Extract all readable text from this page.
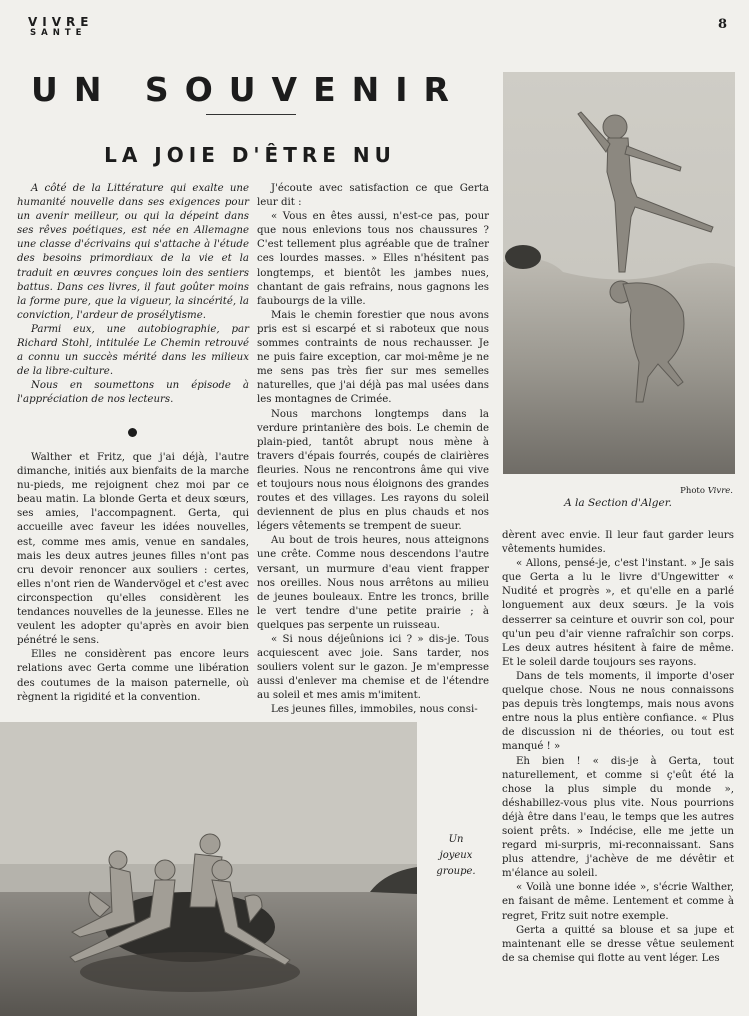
VIVRE
SANTE
8
UN SOUVENIR
LA JOIE D'ÊTRE NU

A côté de la Littérature qui exalte une humanité nouvelle dans ses exigences pour un avenir meilleur, ou qui la dépeint dans ses rêves poétiques, est née en Allemagne une classe d'écrivains qui s'attache à l'étude des besoins primordiaux de la vie et la traduit en œuvres conçues loin des sentiers battus. Dans ces livres, il faut goûter moins la forme pure, que la vigueur, la sincérité, la conviction, l'ardeur de prosélytisme.

Parmi eux, une autobiographie, par Richard Stohl, intitulée Le Chemin retrouvé a connu un succès mérité dans les milieux de la libre-culture.

Nous en soumettons un épisode à l'appréciation de nos lecteurs.

Walther et Fritz, que j'ai déjà, l'autre dimanche, initiés aux bienfaits de la marche nu-pieds, me rejoignent chez moi par ce beau matin. La blonde Gerta et deux sœurs, ses amies, l'accompagnent. Gerta, qui accueille avec faveur les idées nouvelles, est, comme mes amis, venue en sandales, mais les deux autres jeunes filles n'ont pas cru devoir renoncer aux souliers : certes, elles n'ont rien de Wandervögel et c'est avec circonspection qu'elles considèrent les tendances nouvelles de la jeunesse. Elles ne veulent les adopter qu'après en avoir bien pénétré le sens.

Elles ne considèrent pas encore leurs relations avec Gerta comme une libération des coutumes de la maison paternelle, où règnent la rigidité et la convention.

J'écoute avec satisfaction ce que Gerta leur dit :

« Vous en êtes aussi, n'est-ce pas, pour que nous enlevions tous nos chaussures ? C'est tellement plus agréable que de traîner ces lourdes masses. » Elles n'hésitent pas longtemps, et bientôt les jambes nues, chantant de gais refrains, nous gagnons les faubourgs de la ville.

Mais le chemin forestier que nous avons pris est si escarpé et si raboteux que nous sommes contraints de nous rechausser. Je ne puis faire exception, car moi-même je ne me sens pas très fier sur mes semelles naturelles, que j'ai déjà pas mal usées dans les montagnes de Crimée.

Nous marchons longtemps dans la verdure printanière des bois. Le chemin de plain-pied, tantôt abrupt nous mène à travers d'épais fourrés, coupés de clairières fleuries. Nous ne rencontrons âme qui vive et toujours nous nous éloignons des grandes routes et des villages. Les rayons du soleil deviennent de plus en plus chauds et nos légers vêtements se trempent de sueur.

Au bout de trois heures, nous atteignons une crête. Comme nous descendons l'autre versant, un murmure d'eau vient frapper nos oreilles. Nous nous arrêtons au milieu de jeunes bouleaux. Entre les troncs, brille le vert tendre d'une petite prairie ; à quelques pas serpente un ruisseau.

« Si nous déjeûnions ici ? » dis-je. Tous acquiescent avec joie. Sans tarder, nos souliers volent sur le gazon. Je m'empresse aussi d'enlever ma chemise et de l'étendre au soleil et mes amis m'imitent.

Les jeunes filles, immobiles, nous consi-

Photo Vivre.
A la Section d'Alger.

dèrent avec envie. Il leur faut garder leurs vêtements humides.

« Allons, pensé-je, c'est l'instant. » Je sais que Gerta a lu le livre d'Ungewitter « Nudité et progrès », et qu'elle en a parlé longuement aux deux sœurs. Je la vois desserrer sa ceinture et ouvrir son col, pour qu'un peu d'air vienne rafraîchir son corps. Les deux autres hésitent à faire de même. Et le soleil darde toujours ses rayons.

Dans de tels moments, il importe d'oser quelque chose. Nous ne nous connaissons pas depuis très longtemps, mais nous avons entre nous la plus entière confiance. « Plus de discussion ni de théories, ou tout est manqué ! »

Eh bien ! « dis-je à Gerta, tout naturellement, et comme si ç'eût été la chose la plus simple du monde », déshabillez-vous plus vite. Nous pourrions déjà être dans l'eau, le temps que les autres soient prêts. » Indécise, elle me jette un regard mi-surpris, mi-reconnaissant. Sans plus attendre, j'achève de me dévêtir et m'élance au soleil.

« Voilà une bonne idée », s'écrie Walther, en faisant de même. Lentement et comme à regret, Fritz suit notre exemple.

Gerta a quitté sa blouse et sa jupe et maintenant elle se dresse vêtue seulement de sa chemise qui flotte au vent léger. Les

Un
joyeux
groupe.
